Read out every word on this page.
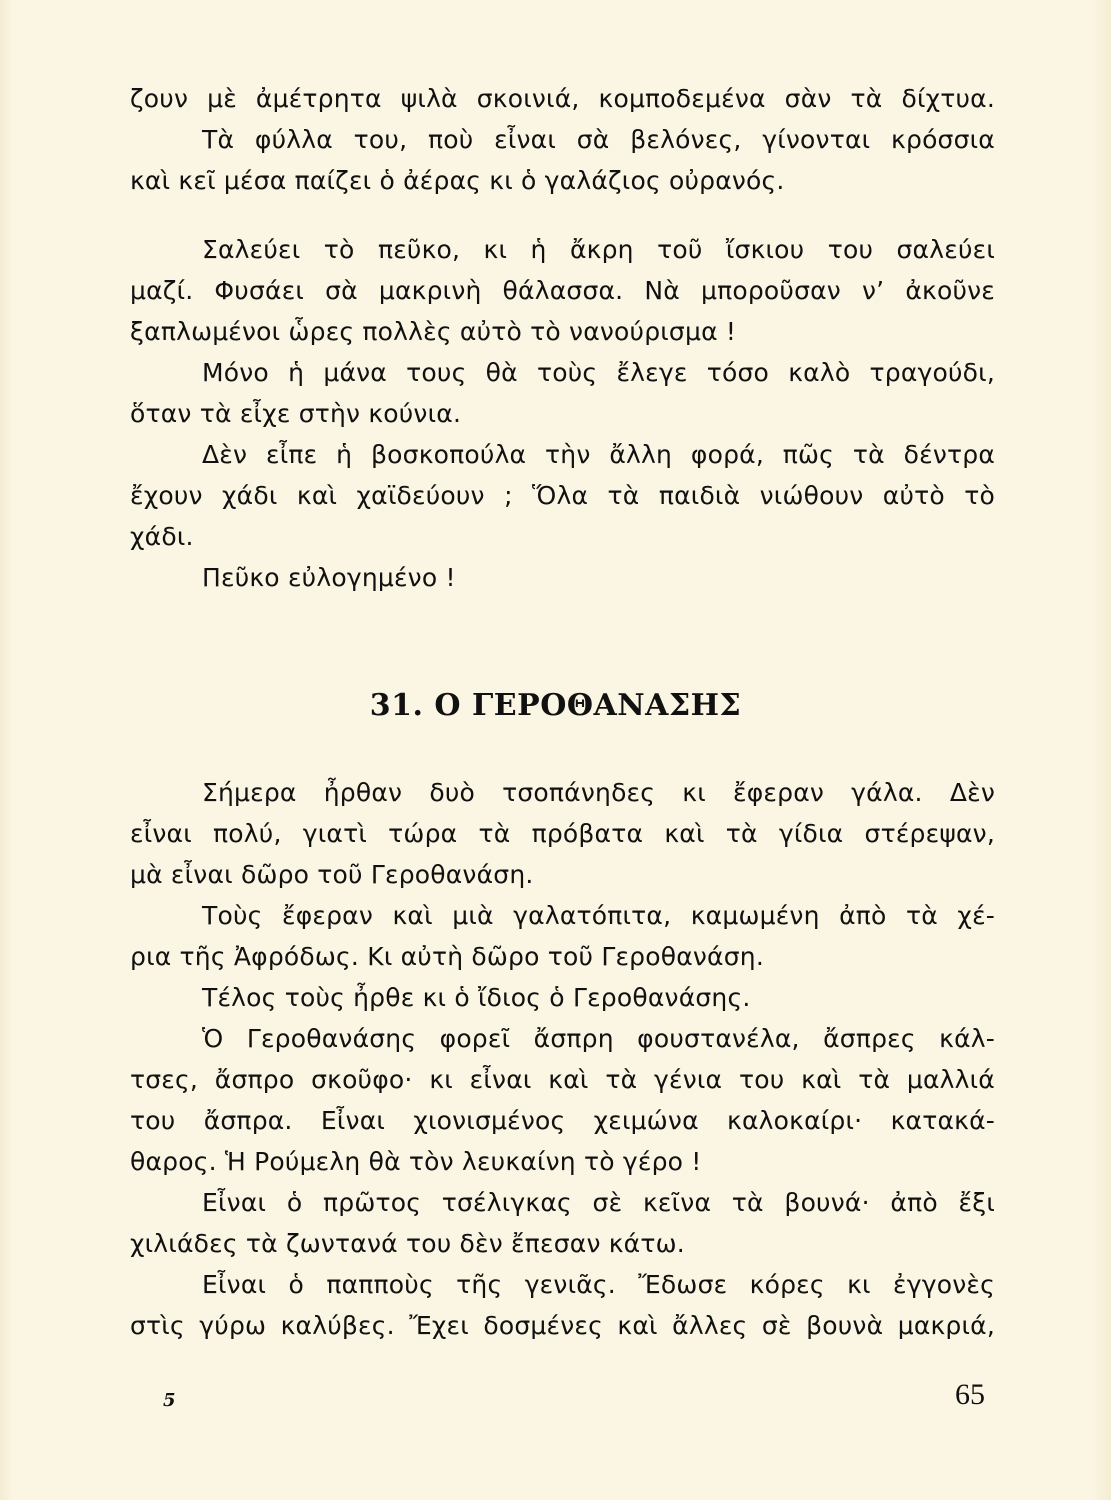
ζουν μὲ ἀμέτρητα ψιλὰ σκοινιά, κομποδεμένα σὰν τὰ δίχτυα.
Τὰ φύλλα του, ποὺ εἶναι σὰ βελόνες, γίνονται κρόσσια
καὶ κεῖ μέσα παίζει ὁ ἀέρας κι ὁ γαλάζιος οὐρανός.
Σαλεύει τὸ πεῦκο, κι ἡ ἄκρη τοῦ ἴσκιου του σαλεύει
μαζί. Φυσάει σὰ μακρινὴ θάλασσα. Νὰ μποροῦσαν ν’ ἀκοῦνε
ξαπλωμένοι ὧρες πολλὲς αὐτὸ τὸ νανούρισμα !
Μόνο ἡ μάνα τους θὰ τοὺς ἔλεγε τόσο καλὸ τραγούδι,
ὅταν τὰ εἶχε στὴν κούνια.
Δὲν εἶπε ἡ βοσκοπούλα τὴν ἄλλη φορά, πῶς τὰ δέντρα
ἔχουν χάδι καὶ χαϊδεύουν ; Ὅλα τὰ παιδιὰ νιώθουν αὐτὸ τὸ
χάδι.
Πεῦκο εὐλογημένο !
31. Ο ΓΕΡΟΘΑΝΑΣΗΣ
Σήμερα ἦρθαν δυὸ τσοπάνηδες κι ἔφεραν γάλα. Δὲν
εἶναι πολύ, γιατὶ τώρα τὰ πρόβατα καὶ τὰ γίδια στέρεψαν,
μὰ εἶναι δῶρο τοῦ Γεροθανάση.
Τοὺς ἔφεραν καὶ μιὰ γαλατόπιτα, καμωμένη ἀπὸ τὰ χέ-
ρια τῆς Ἀφρόδως. Κι αὐτὴ δῶρο τοῦ Γεροθανάση.
Τέλος τοὺς ἦρθε κι ὁ ἴδιος ὁ Γεροθανάσης.
Ὁ Γεροθανάσης φορεῖ ἄσπρη φουστανέλα, ἄσπρες κάλ-
τσες, ἄσπρο σκοῦφο· κι εἶναι καὶ τὰ γένια του καὶ τὰ μαλλιά
του ἄσπρα. Εἶναι χιονισμένος χειμώνα καλοκαίρι· κατακά-
θαρος. Ἡ Ρούμελη θὰ τὸν λευκαίνη τὸ γέρο !
Εἶναι ὁ πρῶτος τσέλιγκας σὲ κεῖνα τὰ βουνά· ἀπὸ ἔξι
χιλιάδες τὰ ζωντανά του δὲν ἔπεσαν κάτω.
Εἶναι ὁ παπποὺς τῆς γενιᾶς. Ἔδωσε κόρες κι ἐγγονὲς
στὶς γύρω καλύβες. Ἔχει δοσμένες καὶ ἄλλες σὲ βουνὰ μακριά,
5	65
